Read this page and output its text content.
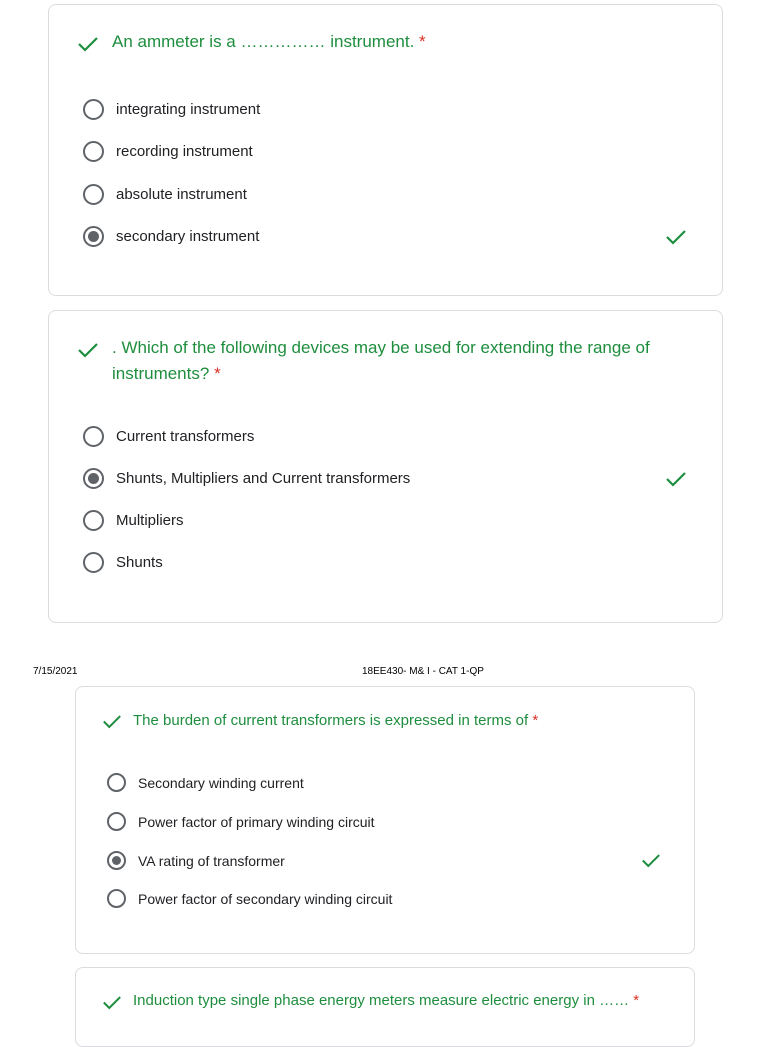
An ammeter is a …………… instrument. *
integrating instrument
recording instrument
absolute instrument
secondary instrument
. Which of the following devices may be used for extending the range of
instruments? *
Current transformers
Shunts, Multipliers and Current transformers
Multipliers
Shunts
7/15/2021	18EE430- M& I - CAT 1-QP
The burden of current transformers is expressed in terms of *
Secondary winding current
Power factor of primary winding circuit
VA rating of transformer
Power factor of secondary winding circuit
Induction type single phase energy meters measure electric energy in …… *
